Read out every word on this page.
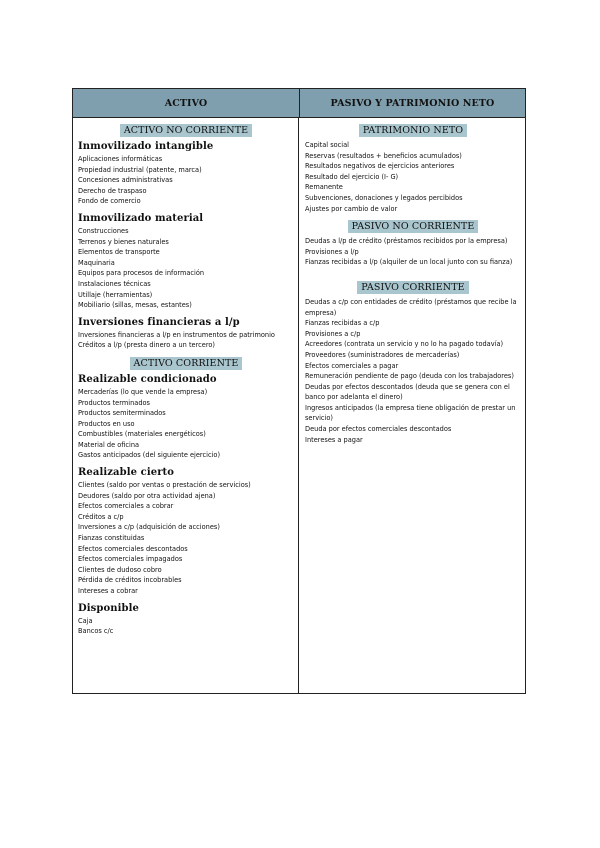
ACTIVO	PASIVO Y PATRIMONIO NETO
ACTIVO NO CORRIENTE
Inmovilizado intangible
Aplicaciones informáticas
Propiedad industrial (patente, marca)
Concesiones administrativas
Derecho de traspaso
Fondo de comercio
Inmovilizado material
Construcciones
Terrenos y bienes naturales
Elementos de transporte
Maquinaria
Equipos para procesos de información
Instalaciones técnicas
Utillaje (herramientas)
Mobiliario (sillas, mesas, estantes)
Inversiones financieras a l/p
Inversiones financieras a l/p en instrumentos de patrimonio
Créditos a l/p (presta dinero a un tercero)
ACTIVO CORRIENTE
Realizable condicionado
Mercaderías (lo que vende la empresa)
Productos terminados
Productos semiterminados
Productos en uso
Combustibles (materiales energéticos)
Material de oficina
Gastos anticipados (del siguiente ejercicio)
Realizable cierto
Clientes (saldo por ventas o prestación de servicios)
Deudores (saldo por otra actividad ajena)
Efectos comerciales a cobrar
Créditos a c/p
Inversiones a c/p (adquisición de acciones)
Fianzas constituidas
Efectos comerciales descontados
Efectos comerciales impagados
Clientes de dudoso cobro
Pérdida de créditos incobrables
Intereses a cobrar
Disponible
Caja
Bancos c/c
PATRIMONIO NETO
Capital social
Reservas (resultados + beneficios acumulados)
Resultados negativos de ejercicios anteriores
Resultado del ejercicio (I- G)
Remanente
Subvenciones, donaciones y legados percibidos
Ajustes por cambio de valor
PASIVO NO CORRIENTE
Deudas a l/p de crédito (préstamos recibidos por la empresa)
Provisiones a l/p
Fianzas recibidas a l/p (alquiler de un local junto con su fianza)
PASIVO CORRIENTE
Deudas a c/p con entidades de crédito (préstamos que recibe la empresa)
Fianzas recibidas a c/p
Provisiones a c/p
Acreedores (contrata un servicio y no lo ha pagado todavía)
Proveedores (suministradores de mercaderías)
Efectos comerciales a pagar
Remuneración pendiente de pago (deuda con los trabajadores)
Deudas por efectos descontados (deuda que se genera con el banco por adelanta el dinero)
Ingresos anticipados (la empresa tiene obligación de prestar un servicio)
Deuda por efectos comerciales descontados
Intereses a pagar
